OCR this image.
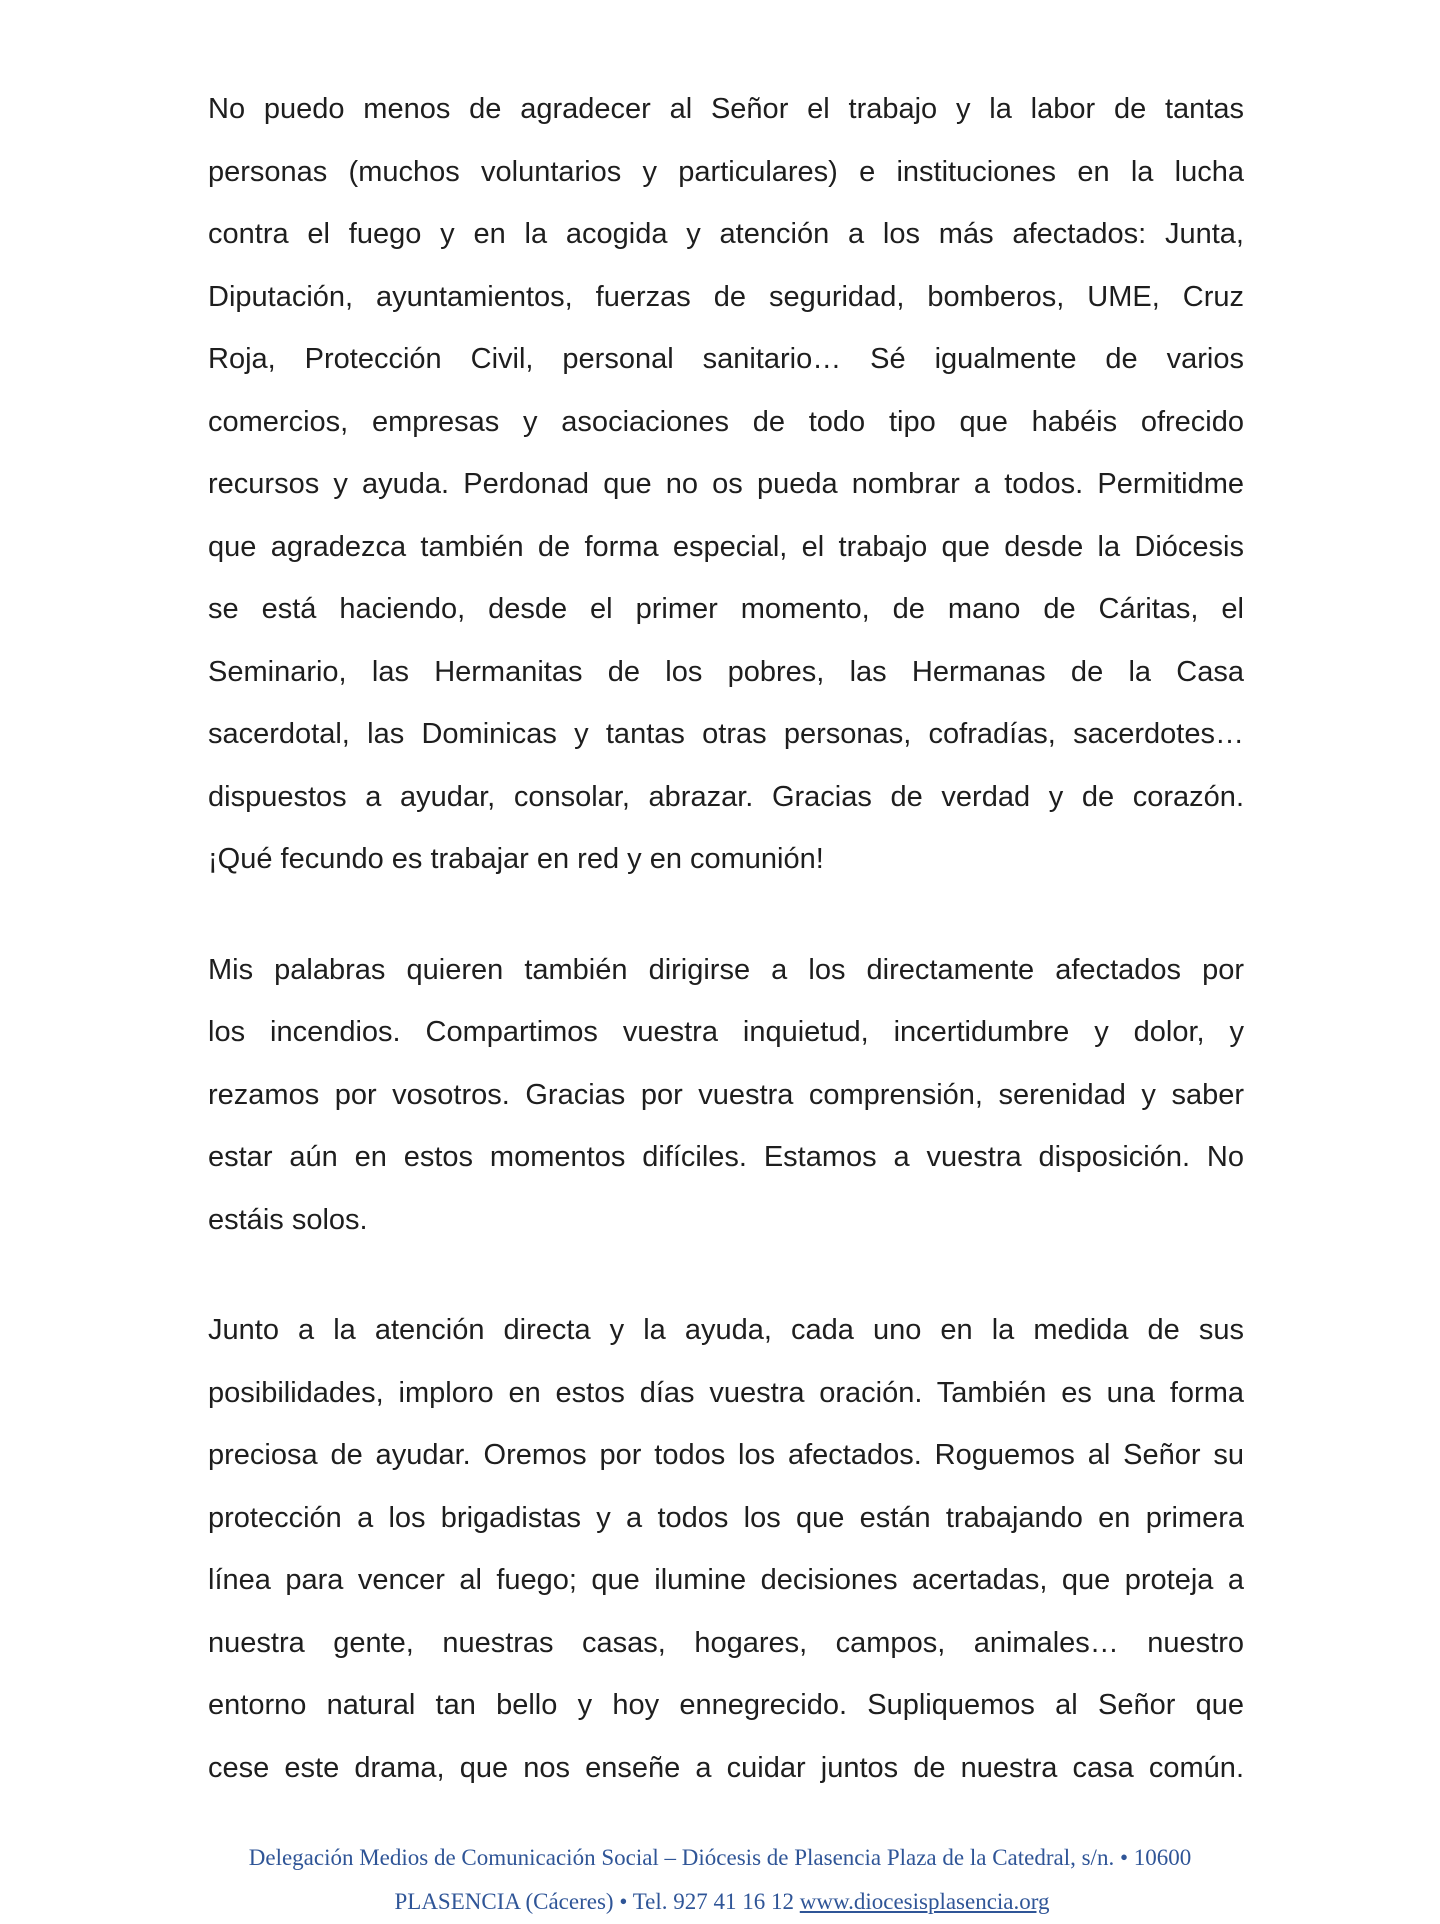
No puedo menos de agradecer al Señor el trabajo y la labor de tantas
personas (muchos voluntarios y particulares) e instituciones en la lucha
contra el fuego y en la acogida y atención a los más afectados: Junta,
Diputación, ayuntamientos, fuerzas de seguridad, bomberos, UME, Cruz
Roja, Protección Civil, personal sanitario… Sé igualmente de varios
comercios, empresas y asociaciones de todo tipo que habéis ofrecido
recursos y ayuda. Perdonad que no os pueda nombrar a todos. Permitidme
que agradezca también de forma especial, el trabajo que desde la Diócesis
se está haciendo, desde el primer momento, de mano de Cáritas, el
Seminario, las Hermanitas de los pobres, las Hermanas de la Casa
sacerdotal, las Dominicas y tantas otras personas, cofradías, sacerdotes…
dispuestos a ayudar, consolar, abrazar. Gracias de verdad y de corazón.
¡Qué fecundo es trabajar en red y en comunión!
Mis palabras quieren también dirigirse a los directamente afectados por
los incendios. Compartimos vuestra inquietud, incertidumbre y dolor, y
rezamos por vosotros. Gracias por vuestra comprensión, serenidad y saber
estar aún en estos momentos difíciles. Estamos a vuestra disposición. No
estáis solos.
Junto a la atención directa y la ayuda, cada uno en la medida de sus
posibilidades, imploro en estos días vuestra oración. También es una forma
preciosa de ayudar. Oremos por todos los afectados. Roguemos al Señor su
protección a los brigadistas y a todos los que están trabajando en primera
línea para vencer al fuego; que ilumine decisiones acertadas, que proteja a
nuestra gente, nuestras casas, hogares, campos, animales… nuestro
entorno natural tan bello y hoy ennegrecido. Supliquemos al Señor que
cese este drama, que nos enseñe a cuidar juntos de nuestra casa común.
Delegación Medios de Comunicación Social – Diócesis de Plasencia Plaza de la Catedral, s/n. • 10600
PLASENCIA (Cáceres) • Tel. 927 41 16 12 www.diocesisplasencia.org
